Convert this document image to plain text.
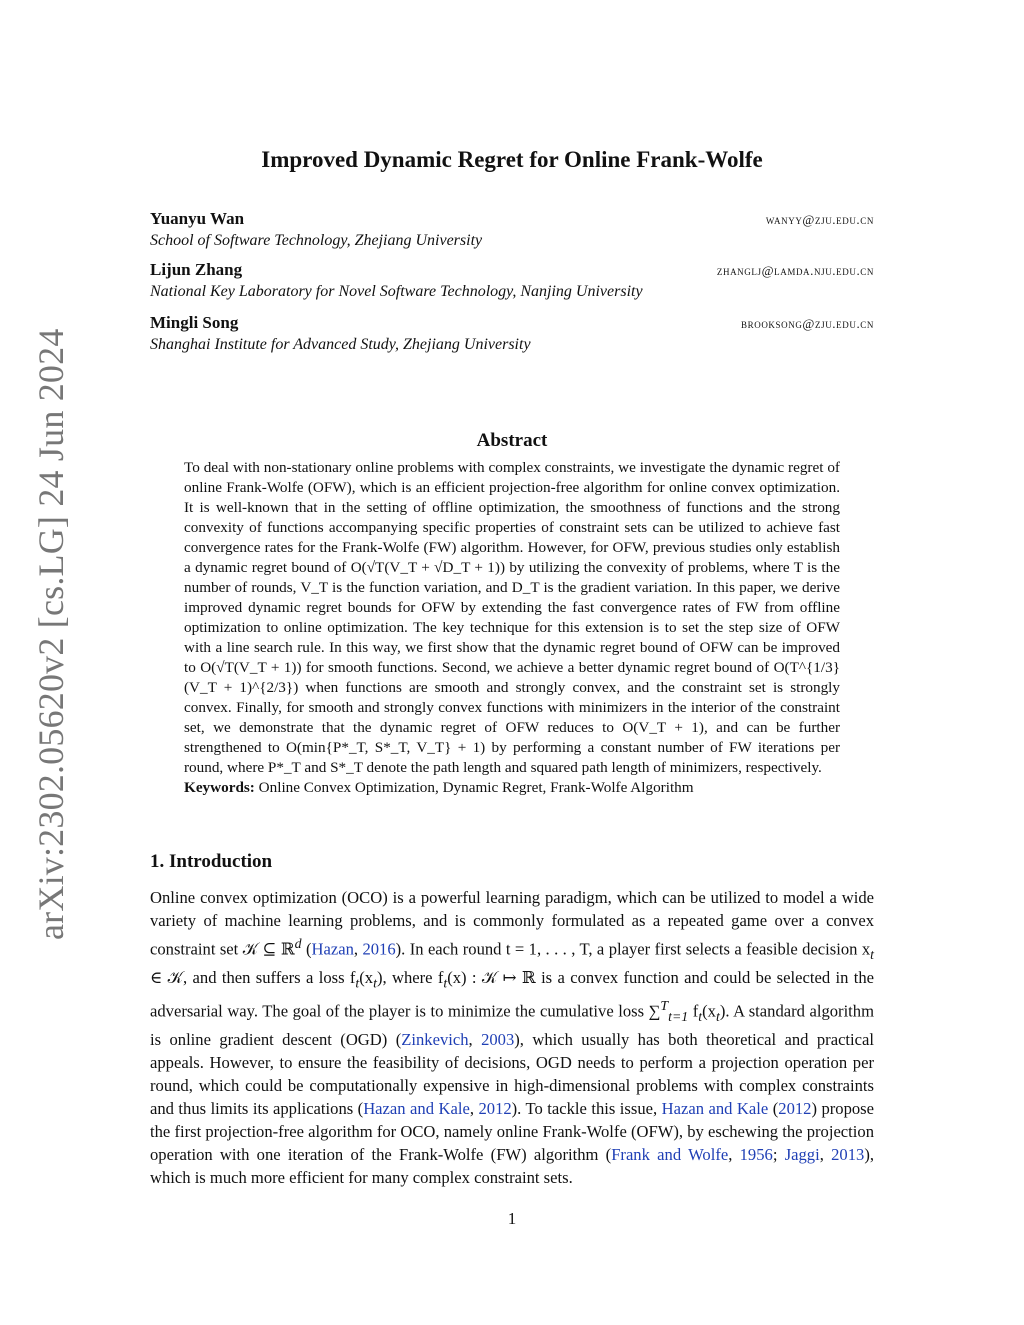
arXiv:2302.05620v2 [cs.LG] 24 Jun 2024
Improved Dynamic Regret for Online Frank-Wolfe
Yuanyu Wan	wanyy@zju.edu.cn
School of Software Technology, Zhejiang University
Lijun Zhang	zhanglj@lamda.nju.edu.cn
National Key Laboratory for Novel Software Technology, Nanjing University
Mingli Song	brooksong@zju.edu.cn
Shanghai Institute for Advanced Study, Zhejiang University
Abstract
To deal with non-stationary online problems with complex constraints, we investigate the dynamic regret of online Frank-Wolfe (OFW), which is an efficient projection-free algorithm for online convex optimization. It is well-known that in the setting of offline optimization, the smoothness of functions and the strong convexity of functions accompanying specific properties of constraint sets can be utilized to achieve fast convergence rates for the Frank-Wolfe (FW) algorithm. However, for OFW, previous studies only establish a dynamic regret bound of O(√T(V_T + √D_T + 1)) by utilizing the convexity of problems, where T is the number of rounds, V_T is the function variation, and D_T is the gradient variation. In this paper, we derive improved dynamic regret bounds for OFW by extending the fast convergence rates of FW from offline optimization to online optimization. The key technique for this extension is to set the step size of OFW with a line search rule. In this way, we first show that the dynamic regret bound of OFW can be improved to O(√T(V_T + 1)) for smooth functions. Second, we achieve a better dynamic regret bound of O(T^{1/3}(V_T + 1)^{2/3}) when functions are smooth and strongly convex, and the constraint set is strongly convex. Finally, for smooth and strongly convex functions with minimizers in the interior of the constraint set, we demonstrate that the dynamic regret of OFW reduces to O(V_T + 1), and can be further strengthened to O(min{P*_T, S*_T, V_T} + 1) by performing a constant number of FW iterations per round, where P*_T and S*_T denote the path length and squared path length of minimizers, respectively.
Keywords: Online Convex Optimization, Dynamic Regret, Frank-Wolfe Algorithm
1. Introduction
Online convex optimization (OCO) is a powerful learning paradigm, which can be utilized to model a wide variety of machine learning problems, and is commonly formulated as a repeated game over a convex constraint set 𝒦 ⊆ ℝ$^d$ (Hazan, 2016). In each round t = 1, . . . , T, a player first selects a feasible decision $x_t$ ∈ 𝒦, and then suffers a loss $f_t(x_t)$, where $f_t(x)$ : 𝒦 ↦ ℝ is a convex function and could be selected in the adversarial way. The goal of the player is to minimize the cumulative loss ∑$^T_{t=1}$ $f_t(x_t)$. A standard algorithm is online gradient descent (OGD) (Zinkevich, 2003), which usually has both theoretical and practical appeals. However, to ensure the feasibility of decisions, OGD needs to perform a projection operation per round, which could be computationally expensive in high-dimensional problems with complex constraints and thus limits its applications (Hazan and Kale, 2012). To tackle this issue, Hazan and Kale (2012) propose the first projection-free algorithm for OCO, namely online Frank-Wolfe (OFW), by eschewing the projection operation with one iteration of the Frank-Wolfe (FW) algorithm (Frank and Wolfe, 1956; Jaggi, 2013), which is much more efficient for many complex constraint sets.
1
